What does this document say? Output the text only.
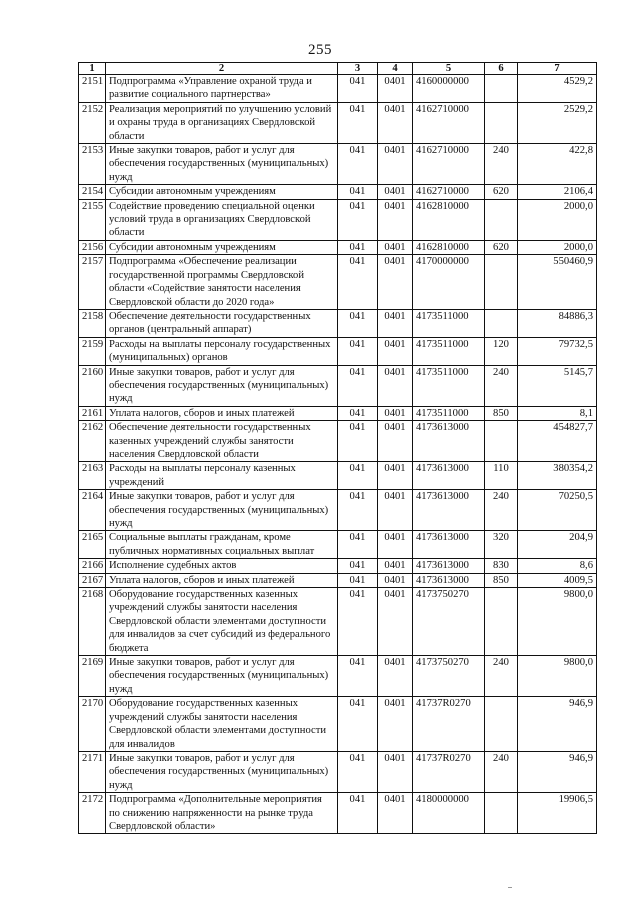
255
1	2	3	4	5	6	7
2151	Подпрограмма «Управление охраной труда и развитие социального партнерства»	041	0401	4160000000		4529,2
2152	Реализация мероприятий по улучшению условий и охраны труда в организациях Свердловской области	041	0401	4162710000		2529,2
2153	Иные закупки товаров, работ и услуг для обеспечения государственных (муниципальных) нужд	041	0401	4162710000	240	422,8
2154	Субсидии автономным учреждениям	041	0401	4162710000	620	2106,4
2155	Содействие проведению специальной оценки условий труда в организациях Свердловской области	041	0401	4162810000		2000,0
2156	Субсидии автономным учреждениям	041	0401	4162810000	620	2000,0
2157	Подпрограмма «Обеспечение реализации государственной программы Свердловской области «Содействие занятости населения Свердловской области до 2020 года»	041	0401	4170000000		550460,9
2158	Обеспечение деятельности государственных органов (центральный аппарат)	041	0401	4173511000		84886,3
2159	Расходы на выплаты персоналу государственных (муниципальных) органов	041	0401	4173511000	120	79732,5
2160	Иные закупки товаров, работ и услуг для обеспечения государственных (муниципальных) нужд	041	0401	4173511000	240	5145,7
2161	Уплата налогов, сборов и иных платежей	041	0401	4173511000	850	8,1
2162	Обеспечение деятельности государственных казенных учреждений службы занятости населения Свердловской области	041	0401	4173613000		454827,7
2163	Расходы на выплаты персоналу казенных учреждений	041	0401	4173613000	110	380354,2
2164	Иные закупки товаров, работ и услуг для обеспечения государственных (муниципальных) нужд	041	0401	4173613000	240	70250,5
2165	Социальные выплаты гражданам, кроме публичных нормативных социальных выплат	041	0401	4173613000	320	204,9
2166	Исполнение судебных актов	041	0401	4173613000	830	8,6
2167	Уплата налогов, сборов и иных платежей	041	0401	4173613000	850	4009,5
2168	Оборудование государственных казенных учреждений службы занятости населения Свердловской области элементами доступности для инвалидов за счет субсидий из федерального бюджета	041	0401	4173750270		9800,0
2169	Иные закупки товаров, работ и услуг для обеспечения государственных (муниципальных) нужд	041	0401	4173750270	240	9800,0
2170	Оборудование государственных казенных учреждений службы занятости населения Свердловской области элементами доступности для инвалидов	041	0401	41737R0270		946,9
2171	Иные закупки товаров, работ и услуг для обеспечения государственных (муниципальных) нужд	041	0401	41737R0270	240	946,9
2172	Подпрограмма «Дополнительные мероприятия по снижению напряженности на рынке труда Свердловской области»	041	0401	4180000000		19906,5
